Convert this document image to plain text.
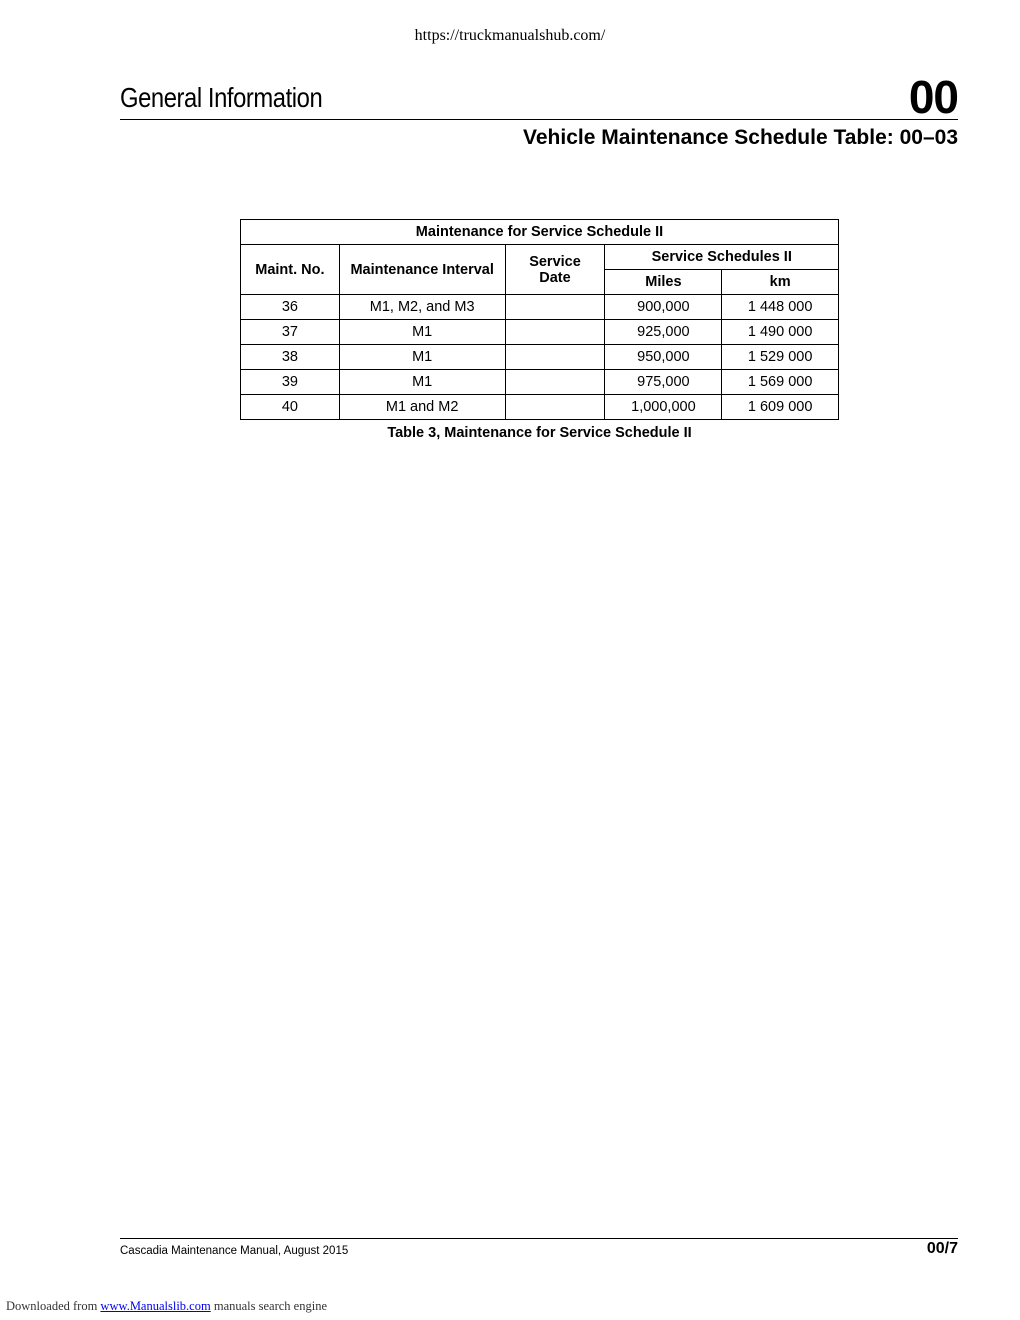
https://truckmanualshub.com/
General Information	00
Vehicle Maintenance Schedule Table: 00–03
Maintenance for Service Schedule II				
Maint. No.	Maintenance Interval	Service Date	Service Schedules II	
			Miles	km
36	M1, M2, and M3		900,000	1 448 000
37	M1		925,000	1 490 000
38	M1		950,000	1 529 000
39	M1		975,000	1 569 000
40	M1 and M2		1,000,000	1 609 000
Table 3, Maintenance for Service Schedule II
Cascadia Maintenance Manual, August 2015	00/7
Downloaded from www.Manualslib.com manuals search engine
